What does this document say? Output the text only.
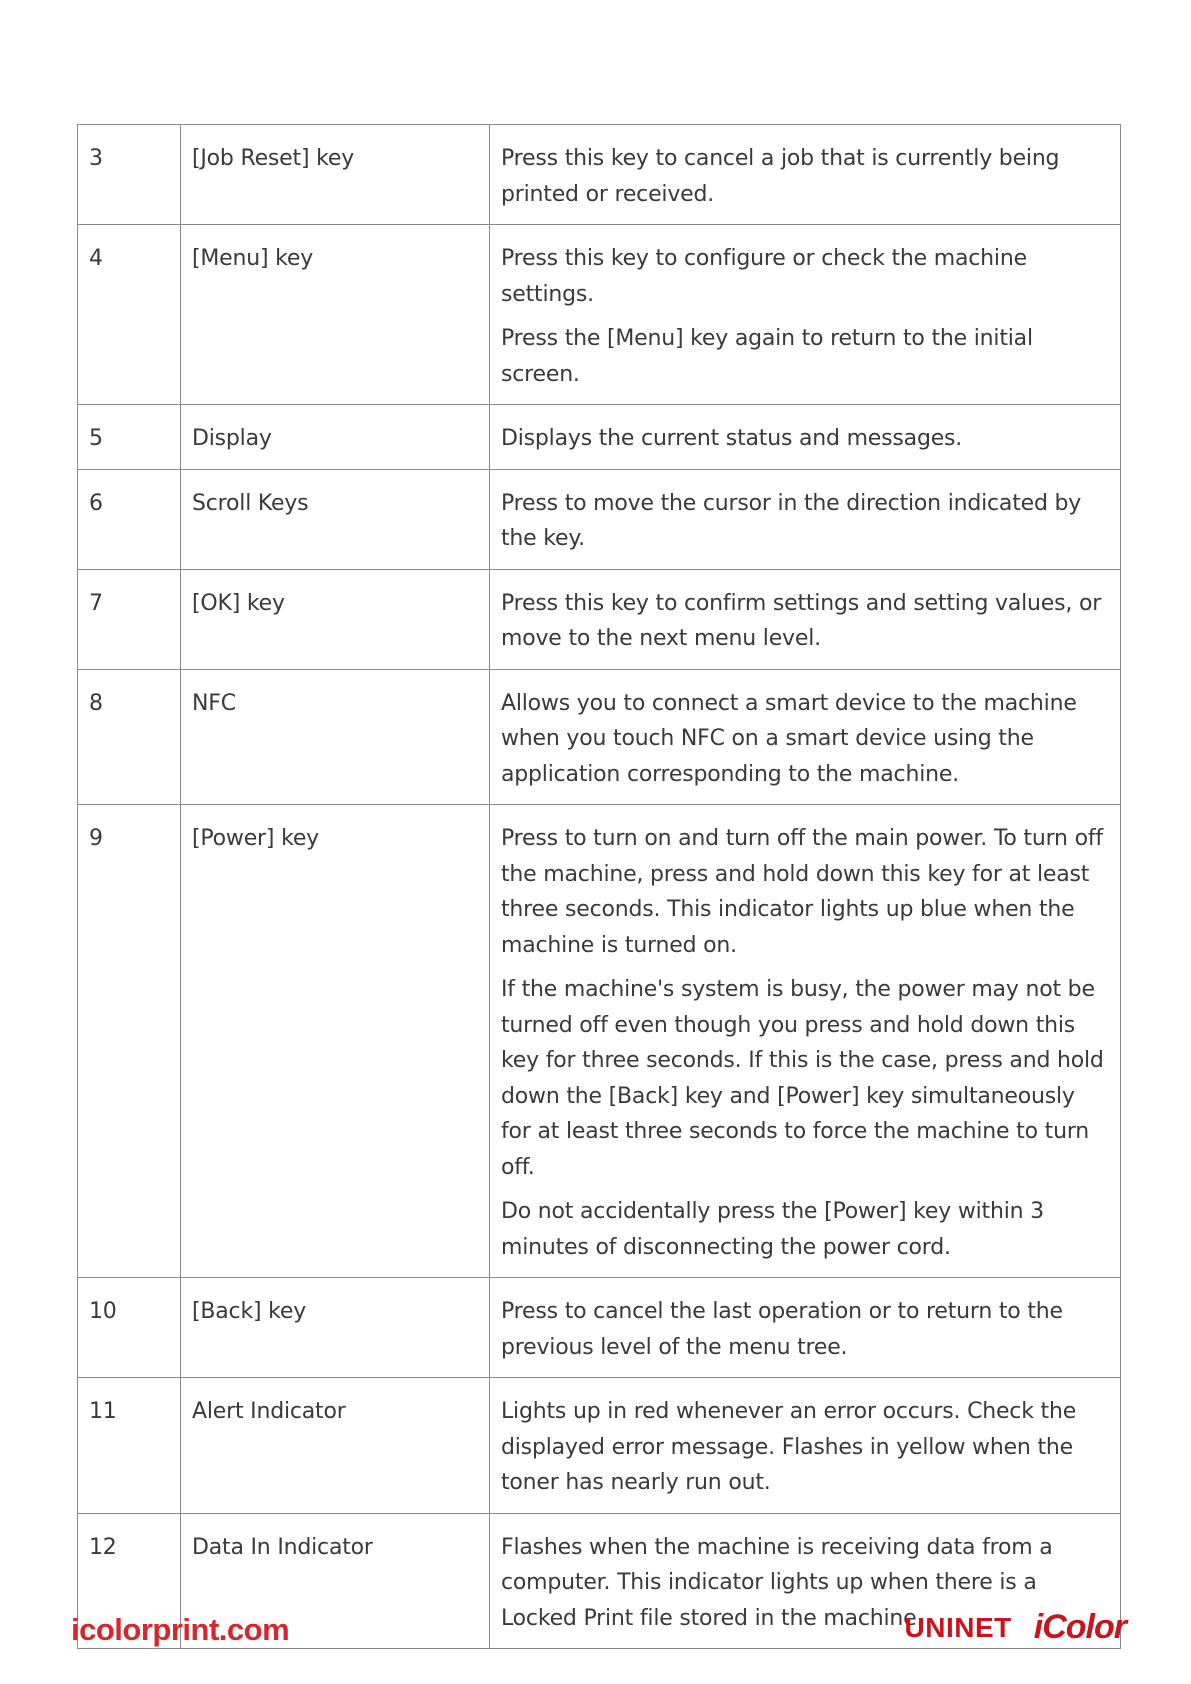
3	[Job Reset] key	Press this key to cancel a job that is currently being printed or received.

4	[Menu] key	Press this key to configure or check the machine settings.

Press the [Menu] key again to return to the initial screen.

5	Display	Displays the current status and messages.

6	Scroll Keys	Press to move the cursor in the direction indicated by the key.

7	[OK] key	Press this key to confirm settings and setting values, or move to the next menu level.

8	NFC	Allows you to connect a smart device to the machine when you touch NFC on a smart device using the application corresponding to the machine.

9	[Power] key	Press to turn on and turn off the main power. To turn off the machine, press and hold down this key for at least three seconds. This indicator lights up blue when the machine is turned on.

If the machine's system is busy, the power may not be turned off even though you press and hold down this key for three seconds. If this is the case, press and hold down the [Back] key and [Power] key simultaneously for at least three seconds to force the machine to turn off.

Do not accidentally press the [Power] key within 3 minutes of disconnecting the power cord.

10	[Back] key	Press to cancel the last operation or to return to the previous level of the menu tree.

11	Alert Indicator	Lights up in red whenever an error occurs. Check the displayed error message. Flashes in yellow when the toner has nearly run out.

12	Data In Indicator	Flashes when the machine is receiving data from a computer. This indicator lights up when there is a Locked Print file stored in the machine.

icolorprint.com	UNINET iColor
